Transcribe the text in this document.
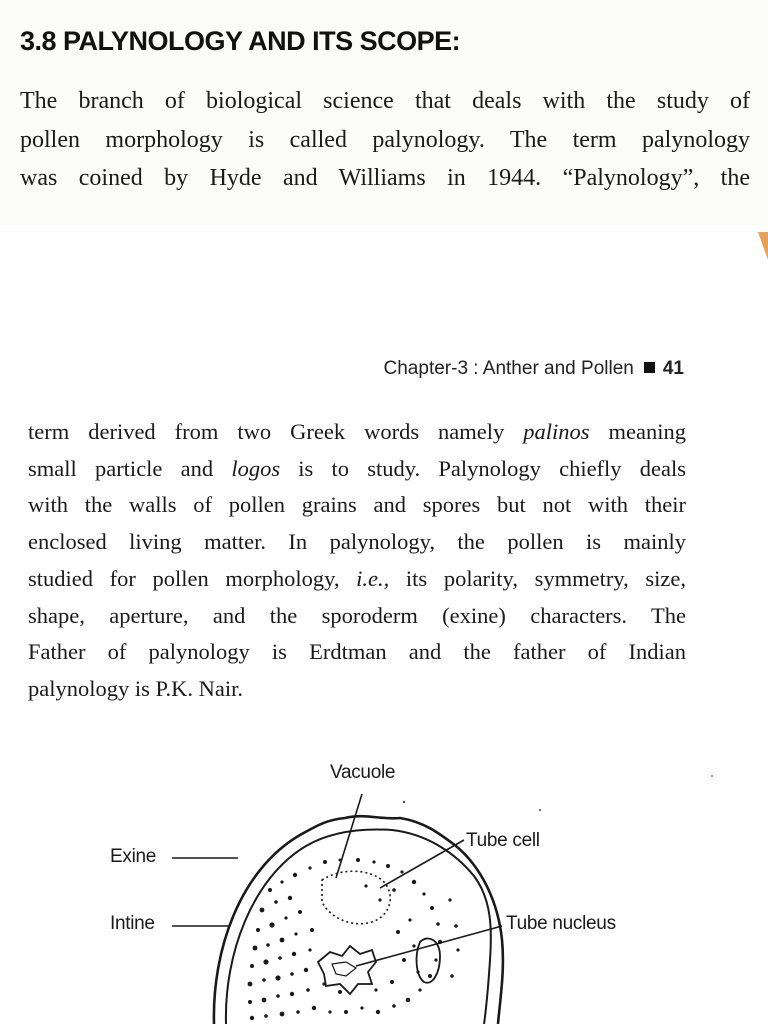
3.8 PALYNOLOGY AND ITS SCOPE:
The branch of biological science that deals with the study of
pollen morphology is called palynology. The term palynology
was coined by Hyde and Williams in 1944. “Palynology”, the
Chapter-3 : Anther and Pollen 41
term derived from two Greek words namely palinos meaning
small particle and logos is to study. Palynology chiefly deals
with the walls of pollen grains and spores but not with their
enclosed living matter. In palynology, the pollen is mainly
studied for pollen morphology, i.e., its polarity, symmetry, size,
shape, aperture, and the sporoderm (exine) characters. The
Father of palynology is Erdtman and the father of Indian
palynology is P.K. Nair.
Vacuole
Exine
Tube cell
Intine	Tube nucleus
